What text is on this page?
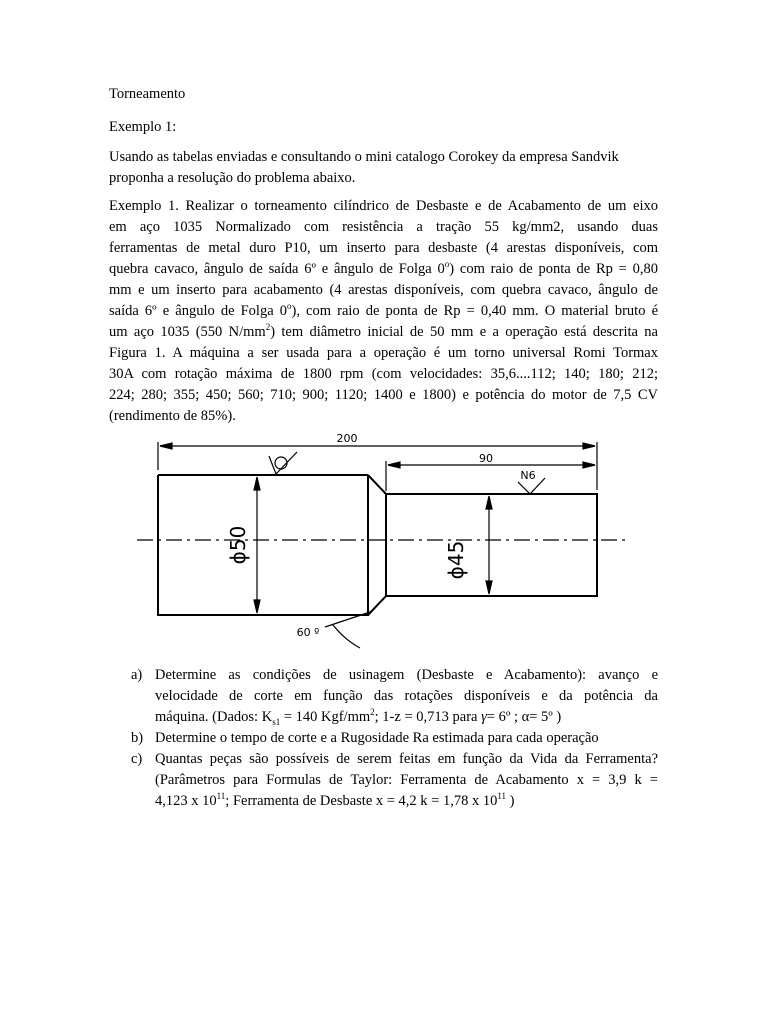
Torneamento

Exemplo 1:

Usando as tabelas enviadas e consultando o mini catalogo Corokey da empresa Sandvik
proponha a resolução do problema abaixo.
Exemplo 1. Realizar o torneamento cilíndrico de Desbaste e de Acabamento de um eixo
em aço 1035 Normalizado com resistência a tração 55 kg/mm2, usando duas
ferramentas de metal duro P10, um inserto para desbaste (4 arestas disponíveis, com
quebra cavaco, ângulo de saída 6º e ângulo de Folga 0$^o$) com raio de ponta de Rp = 0,80
mm e um inserto para acabamento (4 arestas disponíveis, com quebra cavaco, ângulo de
saída 6º e ângulo de Folga 0$^o$), com raio de ponta de Rp = 0,40 mm. O material bruto é
um aço 1035 (550 $N/mm^2$) tem diâmetro inicial de 50 mm e a operação está descrita na
Figura 1. A máquina a ser usada para a operação é um torno universal Romi Tormax
30A com rotação máxima de 1800 rpm (com velocidades: 35,6....112; 140; 180; 212;
224; 280; 355; 450; 560; 710; 900; 1120; 1400 e 1800) e potência do motor de 7,5 CV
(rendimento de 85%).
200
90
ϕ50	ϕ45
N6
60 º
a) Determine as condições de usinagem (Desbaste e Acabamento): avanço e
velocidade de corte em função das rotações disponíveis e da potência da
máquina. (Dados: $K_{s1} = 140$ Kgf/$mm^2$; 1-z = 0,713 para γ= 6º ; α= 5º )
b) Determine o tempo de corte e a Rugosidade Ra estimada para cada operação
c) Quantas peças são possíveis de serem feitas em função da Vida da Ferramenta?
(Parâmetros para Formulas de Taylor: Ferramenta de Acabamento x = 3,9 k =
4,123 x $10^{11}$; Ferramenta de Desbaste x = 4,2 k = 1,78 x $10^{11}$ )
